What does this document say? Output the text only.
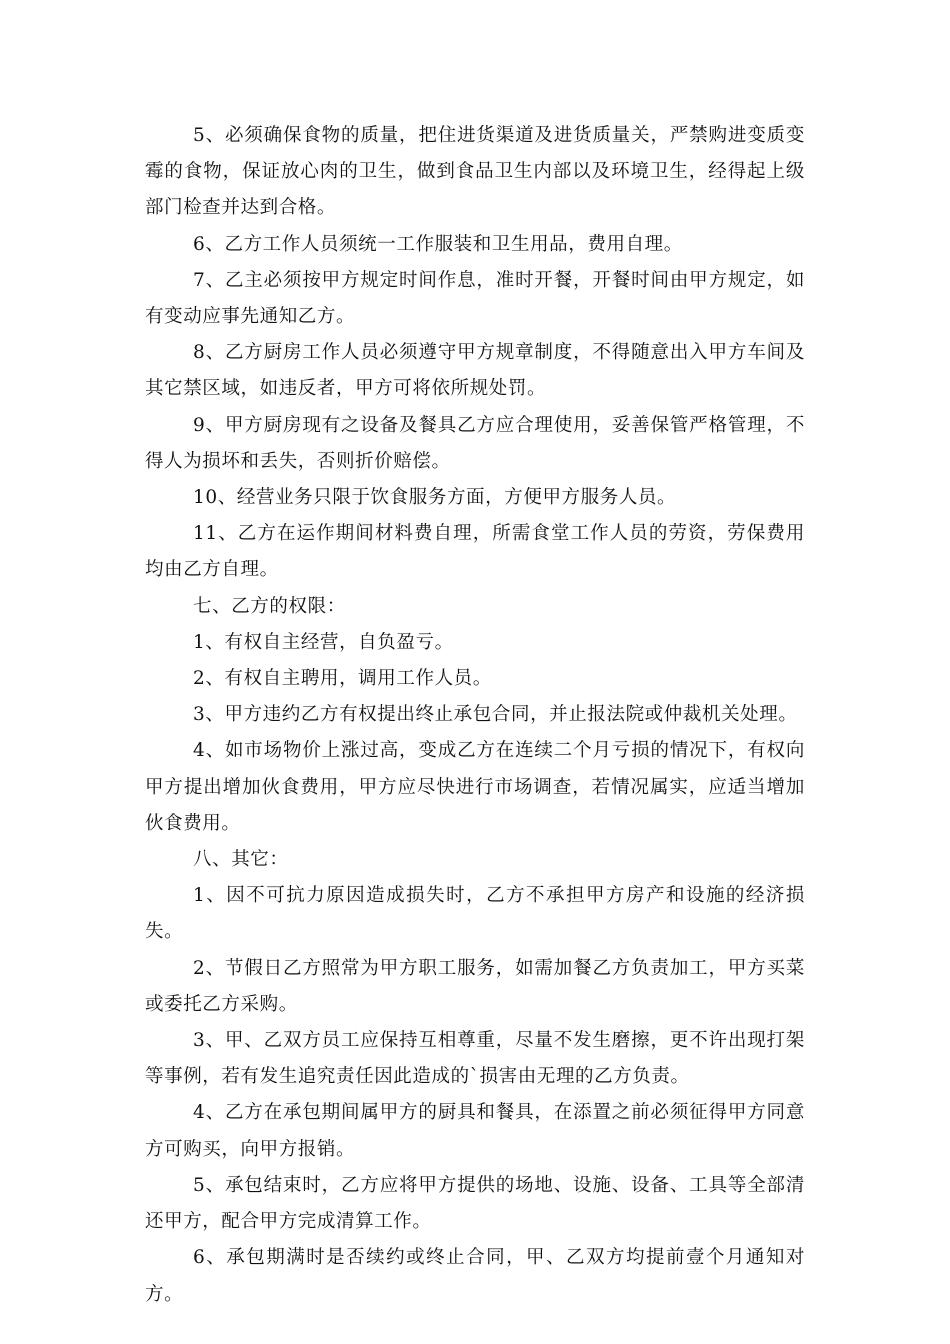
5、必须确保食物的质量，把住进货渠道及进货质量关，严禁购进变质变霉的食物，保证放心肉的卫生，做到食品卫生内部以及环境卫生，经得起上级部门检查并达到合格。

6、乙方工作人员须统一工作服装和卫生用品，费用自理。

7、乙主必须按甲方规定时间作息，准时开餐，开餐时间由甲方规定，如有变动应事先通知乙方。

8、乙方厨房工作人员必须遵守甲方规章制度，不得随意出入甲方车间及其它禁区域，如违反者，甲方可将依所规处罚。

9、甲方厨房现有之设备及餐具乙方应合理使用，妥善保管严格管理，不得人为损坏和丢失，否则折价赔偿。

10、经营业务只限于饮食服务方面，方便甲方服务人员。

11、乙方在运作期间材料费自理，所需食堂工作人员的劳资，劳保费用均由乙方自理。

七、乙方的权限：

1、有权自主经营，自负盈亏。

2、有权自主聘用，调用工作人员。

3、甲方违约乙方有权提出终止承包合同，并止报法院或仲裁机关处理。

4、如市场物价上涨过高，变成乙方在连续二个月亏损的情况下，有权向甲方提出增加伙食费用，甲方应尽快进行市场调查，若情况属实，应适当增加伙食费用。

八、其它：

1、因不可抗力原因造成损失时，乙方不承担甲方房产和设施的经济损失。

2、节假日乙方照常为甲方职工服务，如需加餐乙方负责加工，甲方买菜或委托乙方采购。

3、甲、乙双方员工应保持互相尊重，尽量不发生磨擦，更不许出现打架等事例，若有发生追究责任因此造成的`损害由无理的乙方负责。

4、乙方在承包期间属甲方的厨具和餐具，在添置之前必须征得甲方同意方可购买，向甲方报销。

5、承包结束时，乙方应将甲方提供的场地、设施、设备、工具等全部清还甲方，配合甲方完成清算工作。

6、承包期满时是否续约或终止合同，甲、乙双方均提前壹个月通知对方。
